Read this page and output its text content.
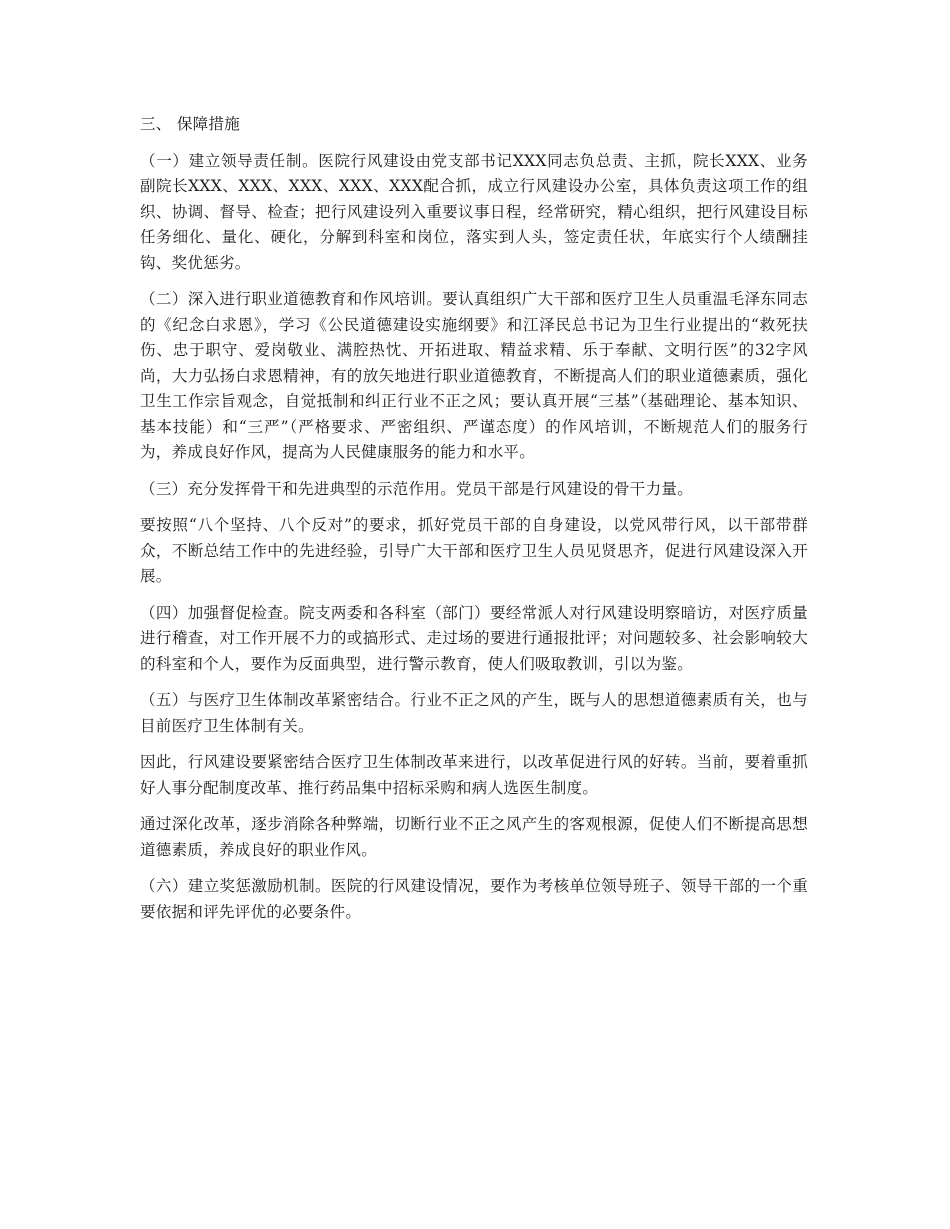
三、 保障措施

（一）建立领导责任制。医院行风建设由党支部书记XXX同志负总责、主抓，院长XXX、业务副院长XXX、XXX、XXX、XXX、XXX配合抓，成立行风建设办公室，具体负责这项工作的组织、协调、督导、检查；把行风建设列入重要议事日程，经常研究，精心组织，把行风建设目标任务细化、量化、硬化，分解到科室和岗位，落实到人头，签定责任状，年底实行个人绩酬挂钩、奖优惩劣。

（二）深入进行职业道德教育和作风培训。要认真组织广大干部和医疗卫生人员重温毛泽东同志的《纪念白求恩》，学习《公民道德建设实施纲要》和江泽民总书记为卫生行业提出的“救死扶伤、忠于职守、爱岗敬业、满腔热忱、开拓进取、精益求精、乐于奉献、文明行医”的32字风尚，大力弘扬白求恩精神，有的放矢地进行职业道德教育，不断提高人们的职业道德素质，强化卫生工作宗旨观念，自觉抵制和纠正行业不正之风；要认真开展“三基”（基础理论、基本知识、基本技能）和“三严”（严格要求、严密组织、严谨态度）的作风培训，不断规范人们的服务行为，养成良好作风，提高为人民健康服务的能力和水平。

（三）充分发挥骨干和先进典型的示范作用。党员干部是行风建设的骨干力量。

要按照“八个坚持、八个反对”的要求，抓好党员干部的自身建设，以党风带行风，以干部带群众，不断总结工作中的先进经验，引导广大干部和医疗卫生人员见贤思齐，促进行风建设深入开展。

（四）加强督促检查。院支两委和各科室（部门）要经常派人对行风建设明察暗访，对医疗质量进行稽查，对工作开展不力的或搞形式、走过场的要进行通报批评；对问题较多、社会影响较大的科室和个人，要作为反面典型，进行警示教育，使人们吸取教训，引以为鉴。

（五）与医疗卫生体制改革紧密结合。行业不正之风的产生，既与人的思想道德素质有关，也与目前医疗卫生体制有关。

因此，行风建设要紧密结合医疗卫生体制改革来进行，以改革促进行风的好转。当前，要着重抓好人事分配制度改革、推行药品集中招标采购和病人选医生制度。

通过深化改革，逐步消除各种弊端，切断行业不正之风产生的客观根源，促使人们不断提高思想道德素质，养成良好的职业作风。

（六）建立奖惩激励机制。医院的行风建设情况，要作为考核单位领导班子、领导干部的一个重要依据和评先评优的必要条件。
